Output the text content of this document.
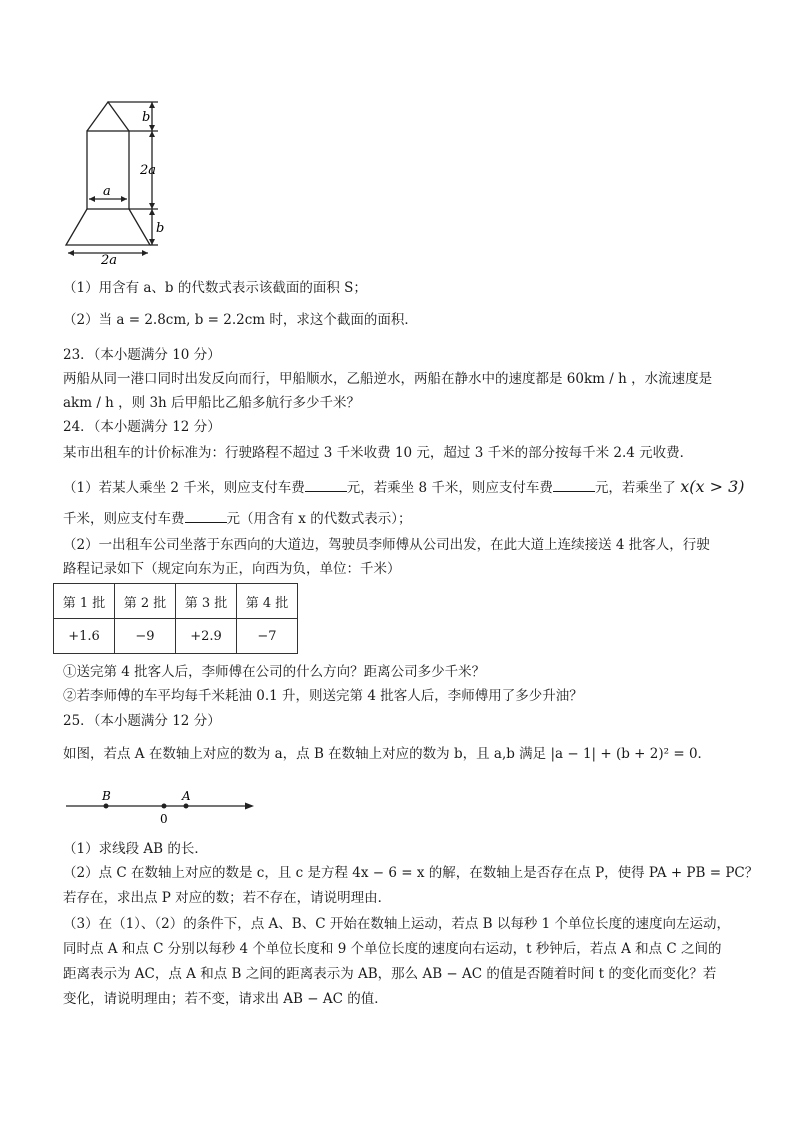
b
2a
a
b
2a
（1）用含有 a、b 的代数式表示该截面的面积 S；
（2）当 a = 2.8cm, b = 2.2cm 时，求这个截面的面积．
23．（本小题满分 10 分）
两船从同一港口同时出发反向而行，甲船顺水，乙船逆水，两船在静水中的速度都是 60km / h ，水流速度是
akm / h ，则 3h 后甲船比乙船多航行多少千米？
24．（本小题满分 12 分）
某市出租车的计价标准为：行驶路程不超过 3 千米收费 10 元，超过 3 千米的部分按每千米 2.4 元收费．
（1）若某人乘坐 2 千米，则应支付车费	元，若乘坐 8 千米，则应支付车费	元，若乘坐了 x(x > 3)
千米，则应支付车费	元（用含有 x 的代数式表示）；
（2）一出租车公司坐落于东西向的大道边，驾驶员李师傅从公司出发，在此大道上连续接送 4 批客人，行驶
路程记录如下（规定向东为正，向西为负，单位：千米）
第 1 批	第 2 批	第 3 批	第 4 批
+1.6	−9	+2.9	−7
①送完第 4 批客人后，李师傅在公司的什么方向？距离公司多少千米？
②若李师傅的车平均每千米耗油 0.1 升，则送完第 4 批客人后，李师傅用了多少升油？
25．（本小题满分 12 分）
如图，若点 A 在数轴上对应的数为 a，点 B 在数轴上对应的数为 b，且 a,b 满足 |a − 1| + (b + 2)² = 0．
B
0
A
（1）求线段 AB 的长．
（2）点 C 在数轴上对应的数是 c，且 c 是方程 4x − 6 = x 的解，在数轴上是否存在点 P，使得 PA + PB = PC？
若存在，求出点 P 对应的数；若不存在，请说明理由．
（3）在（1）、（2）的条件下，点 A、B、C 开始在数轴上运动，若点 B 以每秒 1 个单位长度的速度向左运动，
同时点 A 和点 C 分别以每秒 4 个单位长度和 9 个单位长度的速度向右运动，t 秒钟后，若点 A 和点 C 之间的
距离表示为 AC，点 A 和点 B 之间的距离表示为 AB，那么 AB − AC 的值是否随着时间 t 的变化而变化？若
变化，请说明理由；若不变，请求出 AB − AC 的值．
